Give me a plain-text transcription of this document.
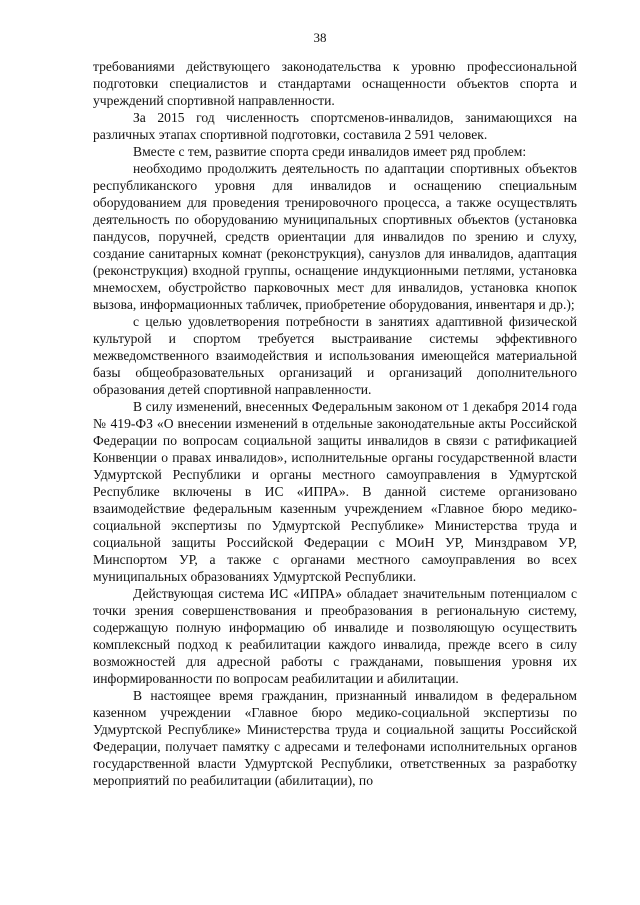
38

требованиями действующего законодательства к уровню профессиональной подготовки специалистов и стандартами оснащенности объектов спорта и учреждений спортивной направленности.

За 2015 год численность спортсменов-инвалидов, занимающихся на различных этапах спортивной подготовки, составила 2 591 человек.

Вместе с тем, развитие спорта среди инвалидов имеет ряд проблем:

необходимо продолжить деятельность по адаптации спортивных объектов республиканского уровня для инвалидов и оснащению специальным оборудованием для проведения тренировочного процесса, а также осуществлять деятельность по оборудованию муниципальных спортивных объектов (установка пандусов, поручней, средств ориентации для инвалидов по зрению и слуху, создание санитарных комнат (реконструкция), санузлов для инвалидов, адаптация (реконструкция) входной группы, оснащение индукционными петлями, установка мнемосхем, обустройство парковочных мест для инвалидов, установка кнопок вызова, информационных табличек, приобретение оборудования, инвентаря и др.);

с целью удовлетворения потребности в занятиях адаптивной физической культурой и спортом требуется выстраивание системы эффективного межведомственного взаимодействия и использования имеющейся материальной базы общеобразовательных организаций и организаций дополнительного образования детей спортивной направленности.

В силу изменений, внесенных Федеральным законом от 1 декабря 2014 года № 419-ФЗ «О внесении изменений в отдельные законодательные акты Российской Федерации по вопросам социальной защиты инвалидов в связи с ратификацией Конвенции о правах инвалидов», исполнительные органы государственной власти Удмуртской Республики и органы местного самоуправления в Удмуртской Республике включены в ИС «ИПРА». В данной системе организовано взаимодействие федеральным казенным учреждением «Главное бюро медико-социальной экспертизы по Удмуртской Республике» Министерства труда и социальной защиты Российской Федерации с МОиН УР, Минздравом УР, Минспортом УР, а также с органами местного самоуправления во всех муниципальных образованиях Удмуртской Республики.

Действующая система ИС «ИПРА» обладает значительным потенциалом с точки зрения совершенствования и преобразования в региональную систему, содержащую полную информацию об инвалиде и позволяющую осуществить комплексный подход к реабилитации каждого инвалида, прежде всего в силу возможностей для адресной работы с гражданами, повышения уровня их информированности по вопросам реабилитации и абилитации.

В настоящее время гражданин, признанный инвалидом в федеральном казенном учреждении «Главное бюро медико-социальной экспертизы по Удмуртской Республике» Министерства труда и социальной защиты Российской Федерации, получает памятку с адресами и телефонами исполнительных органов государственной власти Удмуртской Республики, ответственных за разработку мероприятий по реабилитации (абилитации), по
